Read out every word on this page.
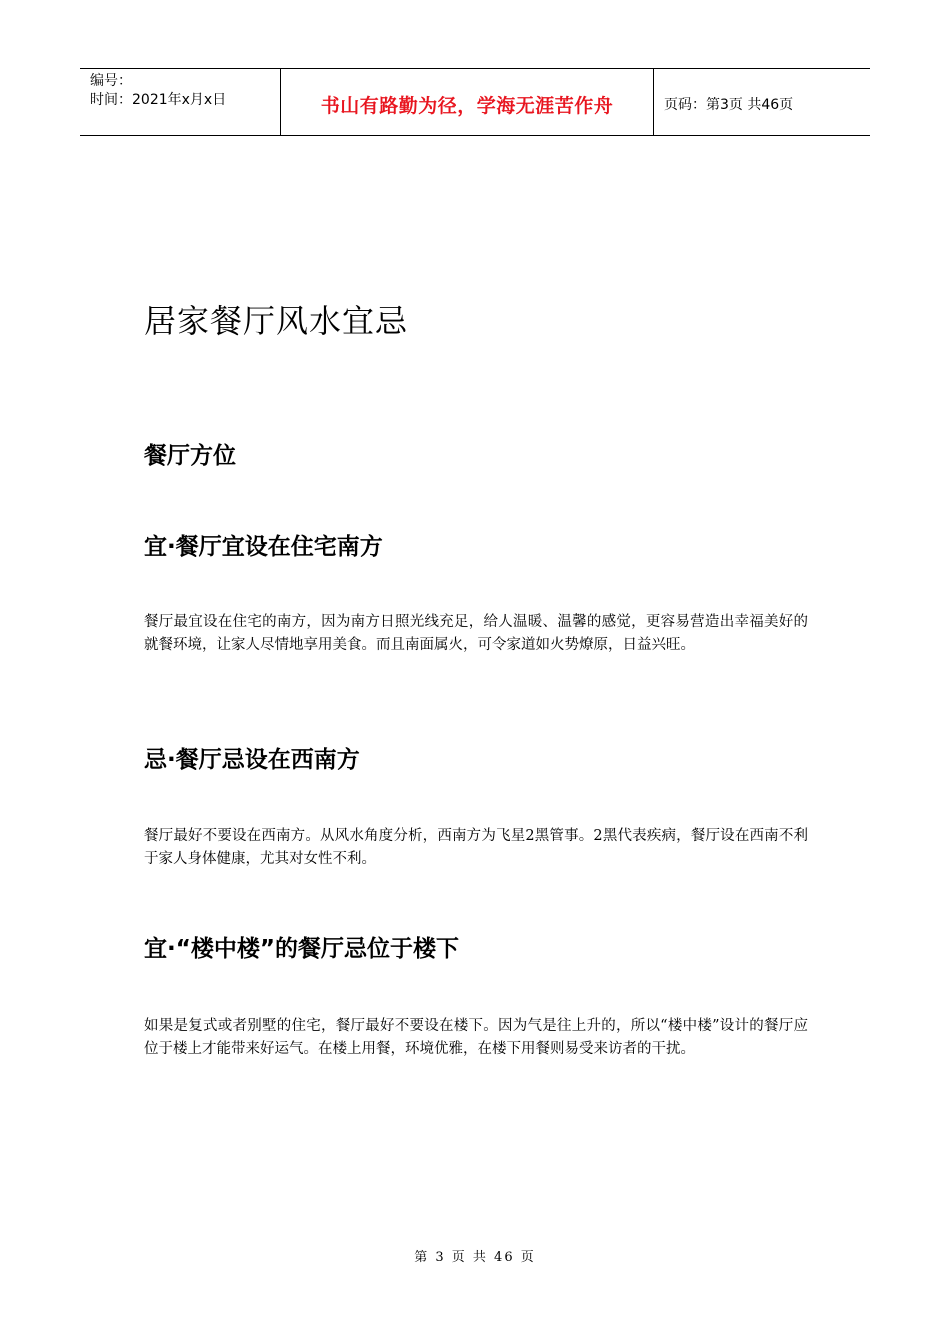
编号：
时间：2021年x月x日	书山有路勤为径，学海无涯苦作舟	页码：第3页 共46页
居家餐厅风水宜忌
餐厅方位
宜·餐厅宜设在住宅南方

餐厅最宜设在住宅的南方，因为南方日照光线充足，给人温暖、温馨的感觉，更容易营造出幸福美好的就餐环境，让家人尽情地享用美食。而且南面属火，可令家道如火势燎原，日益兴旺。

忌·餐厅忌设在西南方

餐厅最好不要设在西南方。从风水角度分析，西南方为飞星2黑管事。2黑代表疾病，餐厅设在西南不利于家人身体健康，尤其对女性不利。

宜·“楼中楼”的餐厅忌位于楼下

如果是复式或者别墅的住宅，餐厅最好不要设在楼下。因为气是往上升的，所以“楼中楼”设计的餐厅应位于楼上才能带来好运气。在楼上用餐，环境优雅，在楼下用餐则易受来访者的干扰。

第 3 页 共 46 页
